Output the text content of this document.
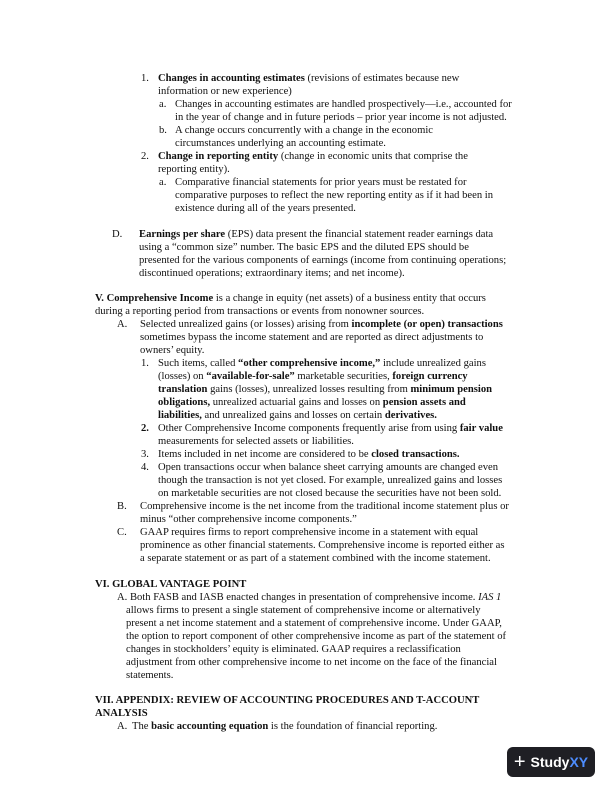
1. Changes in accounting estimates (revisions of estimates because new
information or new experience)
a. Changes in accounting estimates are handled prospectively—i.e., accounted for
in the year of change and in future periods – prior year income is not adjusted.
b. A change occurs concurrently with a change in the economic
circumstances underlying an accounting estimate.
2. Change in reporting entity (change in economic units that comprise the
reporting entity).
a. Comparative financial statements for prior years must be restated for
comparative purposes to reflect the new reporting entity as if it had been in
existence during all of the years presented.
D. Earnings per share (EPS) data present the financial statement reader earnings data
using a “common size” number. The basic EPS and the diluted EPS should be
presented for the various components of earnings (income from continuing operations;
discontinued operations; extraordinary items; and net income).
V. Comprehensive Income is a change in equity (net assets) of a business entity that occurs
during a reporting period from transactions or events from nonowner sources.
A. Selected unrealized gains (or losses) arising from incomplete (or open) transactions
sometimes bypass the income statement and are reported as direct adjustments to
owners’ equity.
1. Such items, called “other comprehensive income,” include unrealized gains
(losses) on “available-for-sale” marketable securities, foreign currency
translation gains (losses), unrealized losses resulting from minimum pension
obligations, unrealized actuarial gains and losses on pension assets and
liabilities, and unrealized gains and losses on certain derivatives.
2. Other Comprehensive Income components frequently arise from using fair value
measurements for selected assets or liabilities.
3. Items included in net income are considered to be closed transactions.
4. Open transactions occur when balance sheet carrying amounts are changed even
though the transaction is not yet closed. For example, unrealized gains and losses
on marketable securities are not closed because the securities have not been sold.
B. Comprehensive income is the net income from the traditional income statement plus or
minus “other comprehensive income components.”
C. GAAP requires firms to report comprehensive income in a statement with equal
prominence as other financial statements. Comprehensive income is reported either as
a separate statement or as part of a statement combined with the income statement.
VI. GLOBAL VANTAGE POINT
A. Both FASB and IASB enacted changes in presentation of comprehensive income. IAS 1
allows firms to present a single statement of comprehensive income or alternatively
present a net income statement and a statement of comprehensive income. Under GAAP,
the option to report component of other comprehensive income as part of the statement of
changes in stockholders’ equity is eliminated. GAAP requires a reclassification
adjustment from other comprehensive income to net income on the face of the financial
statements.
VII. APPENDIX: REVIEW OF ACCOUNTING PROCEDURES AND T-ACCOUNT
ANALYSIS
A. The basic accounting equation is the foundation of financial reporting.
+ Study XY
